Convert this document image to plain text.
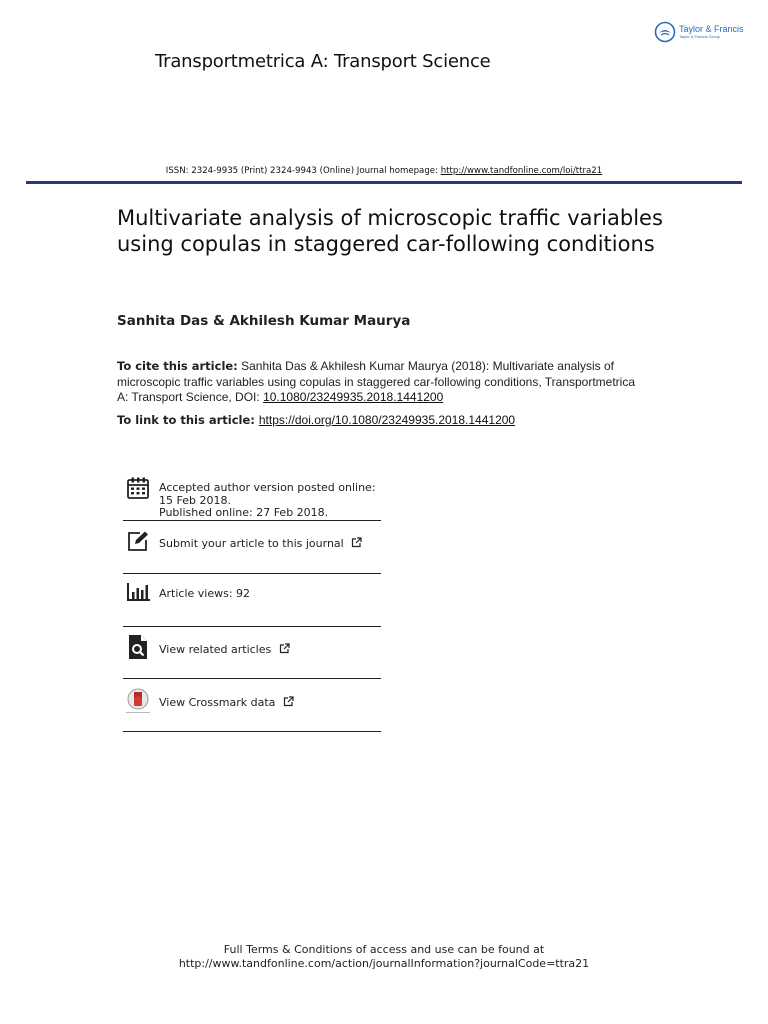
Transportmetrica A: Transport Science
Taylor & Francis
Taylor & Francis Group
ISSN: 2324-9935 (Print) 2324-9943 (Online) Journal homepage: http://www.tandfonline.com/loi/ttra21
Multivariate analysis of microscopic traffic variables using copulas in staggered car-following conditions
Sanhita Das & Akhilesh Kumar Maurya
To cite this article: Sanhita Das & Akhilesh Kumar Maurya (2018): Multivariate analysis of microscopic traffic variables using copulas in staggered car-following conditions, Transportmetrica A: Transport Science, DOI: 10.1080/23249935.2018.1441200
To link to this article: https://doi.org/10.1080/23249935.2018.1441200
Accepted author version posted online: 15 Feb 2018.
Published online: 27 Feb 2018.
Submit your article to this journal
Article views: 92
View related articles
View Crossmark data
Full Terms & Conditions of access and use can be found at
http://www.tandfonline.com/action/journalInformation?journalCode=ttra21
